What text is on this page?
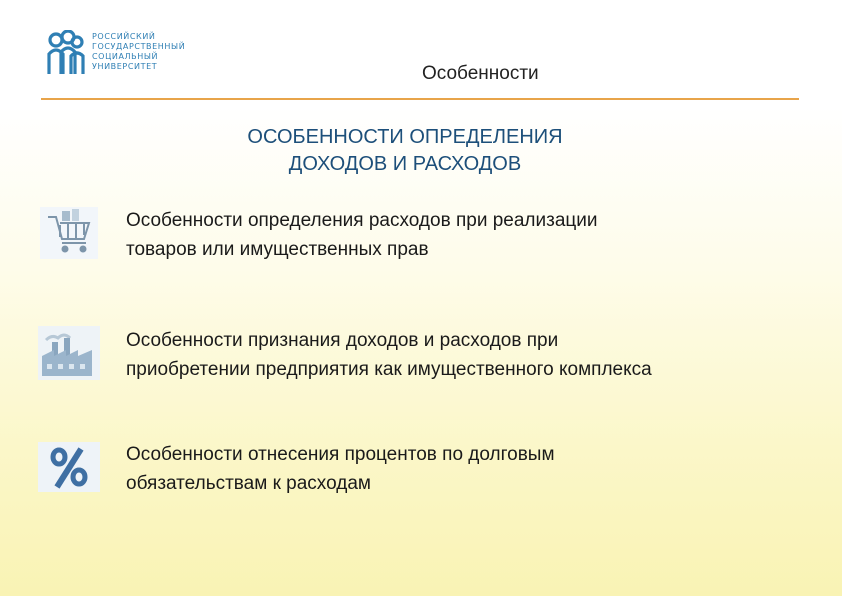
РОССИЙСКИЙ
ГОСУДАРСТВЕННЫЙ
СОЦИАЛЬНЫЙ
УНИВЕРСИТЕТ	Особенности
ОСОБЕННОСТИ ОПРЕДЕЛЕНИЯ
ДОХОДОВ И РАСХОДОВ
Особенности определения расходов при реализации
товаров или имущественных прав
Особенности признания доходов и расходов при
приобретении предприятия как имущественного комплекса
Особенности отнесения процентов по долговым
обязательствам к расходам
